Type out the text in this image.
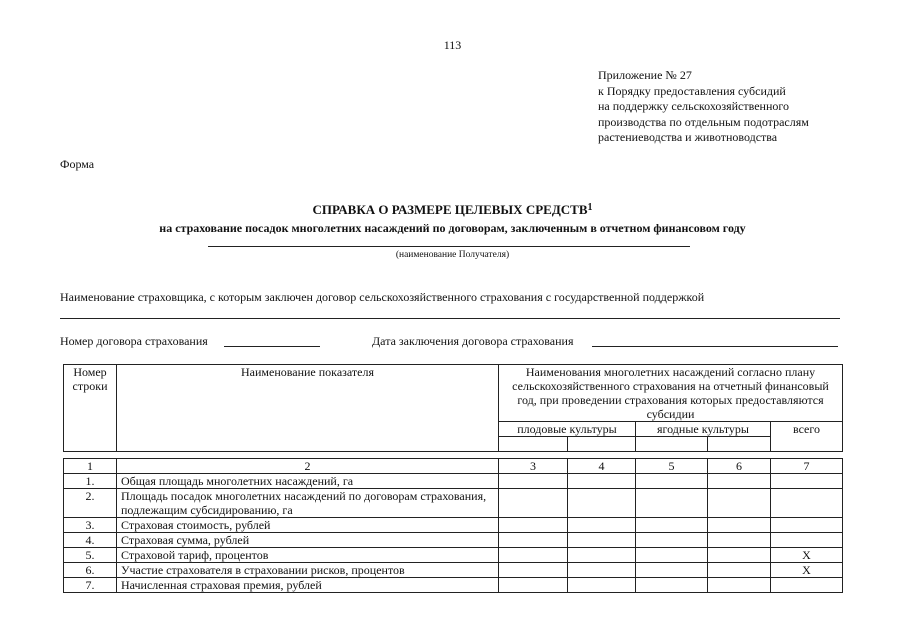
113
Приложение № 27
к Порядку предоставления субсидий
на поддержку сельскохозяйственного
производства по отдельным подотраслям
растениеводства и животноводства
Форма
СПРАВКА О РАЗМЕРЕ ЦЕЛЕВЫХ СРЕДСТВ$^1$
на страхование посадок многолетних насаждений по договорам, заключенным в отчетном финансовом году
(наименование Получателя)
Наименование страховщика, с которым заключен договор сельскохозяйственного страхования с государственной поддержкой
Номер договора страхования	Дата заключения договора страхования
Номер строки	Наименование показателя	Наименования многолетних насаждений согласно плану сельскохозяйственного страхования на отчетный финансовый год, при проведении страхования которых предоставляются субсидии				
		плодовые культуры		ягодные культуры		всего

1	2	3	4	5	6	7
1.	Общая площадь многолетних насаждений, га					
2.	Площадь посадок многолетних насаждений по договорам страхования, подлежащим субсидированию, га					
3.	Страховая стоимость, рублей					
4.	Страховая сумма, рублей					
5.	Страховой тариф, процентов					Х
6.	Участие страхователя в страховании рисков, процентов					Х
7.	Начисленная страховая премия, рублей					
